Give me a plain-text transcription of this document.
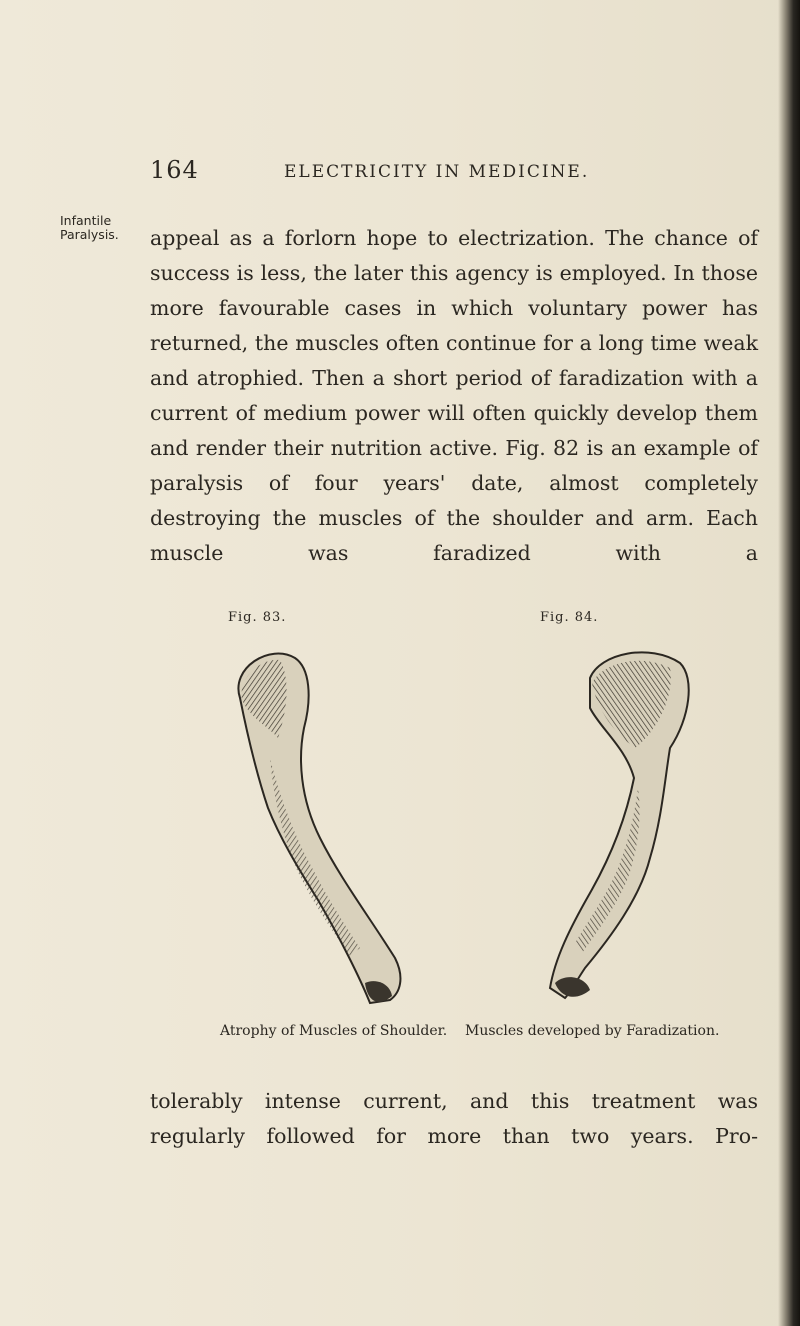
164	ELECTRICITY IN MEDICINE.
Infantile
Paralysis.	appeal as a forlorn hope to electrization. The chance of success is less, the later this agency is employed. In those more favourable cases in which voluntary power has returned, the muscles often continue for a long time weak and atrophied. Then a short period of faradization with a current of medium power will often quickly develop them and render their nutrition active. Fig. 82 is an example of paralysis of four years' date, almost completely destroying the muscles of the shoulder and arm. Each muscle was faradized with a

Fig. 83.	Fig. 84.
Atrophy of Muscles of Shoulder. Muscles developed by Faradization.

tolerably intense current, and this treatment was regularly followed for more than two years. Pro-
